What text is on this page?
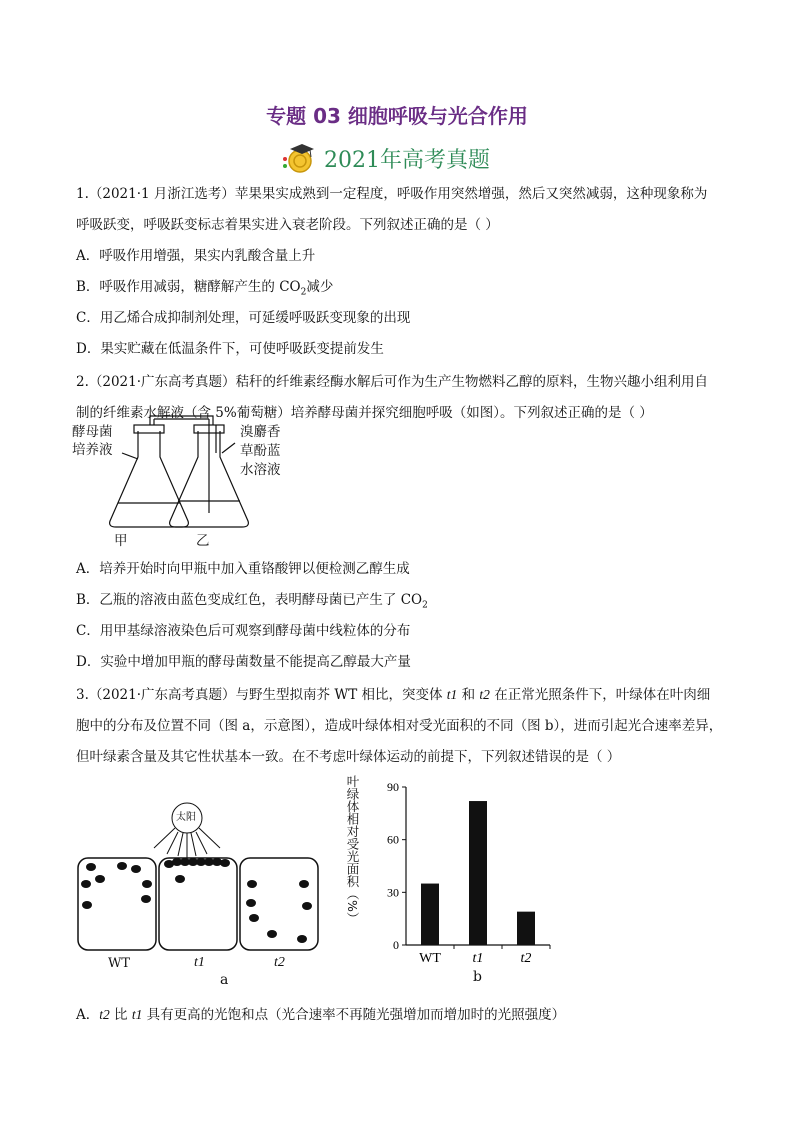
专题 03 细胞呼吸与光合作用
2021年高考真题
1.（2021·1 月浙江选考）苹果果实成熟到一定程度，呼吸作用突然增强，然后又突然减弱，这种现象称为
呼吸跃变，呼吸跃变标志着果实进入衰老阶段。下列叙述正确的是（ ）
A．呼吸作用增强，果实内乳酸含量上升
B．呼吸作用减弱，糖酵解产生的 $CO_2$减少
C．用乙烯合成抑制剂处理，可延缓呼吸跃变现象的出现
D．果实贮藏在低温条件下，可使呼吸跃变提前发生
2.（2021·广东高考真题）秸秆的纤维素经酶水解后可作为生产生物燃料乙醇的原料，生物兴趣小组利用自
制的纤维素水解液（含 5%葡萄糖）培养酵母菌并探究细胞呼吸（如图）。下列叙述正确的是（ ）
酵母菌
培养液
溴麝香
草酚蓝
水溶液
甲	乙
A．培养开始时向甲瓶中加入重铬酸钾以便检测乙醇生成
B．乙瓶的溶液由蓝色变成红色，表明酵母菌已产生了 $CO_2$
C．用甲基绿溶液染色后可观察到酵母菌中线粒体的分布
D．实验中增加甲瓶的酵母菌数量不能提高乙醇最大产量
3.（2021·广东高考真题）与野生型拟南芥 WT 相比，突变体 t1 和 t2 在正常光照条件下，叶绿体在叶肉细
胞中的分布及位置不同（图 a，示意图），造成叶绿体相对受光面积的不同（图 b），进而引起光合速率差异，
但叶绿素含量及其它性状基本一致。在不考虑叶绿体运动的前提下，下列叙述错误的是（ ）
太阳
WT	t1	t2
a
0
30
60
90
WT t1	t2
叶绿体相对受光面积（%）
b
A．t2 比 t1 具有更高的光饱和点（光合速率不再随光强增加而增加时的光照强度）
